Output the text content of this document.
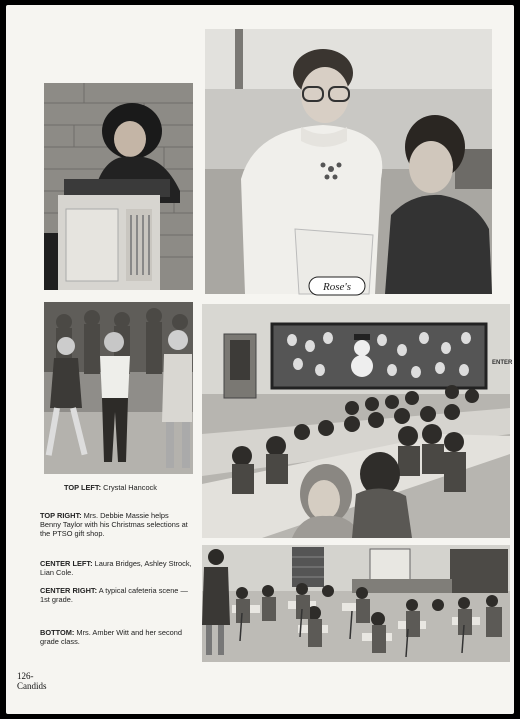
Rose's
ENTER
TOP LEFT: Crystal Hancock
TOP RIGHT: Mrs. Debbie Massie helps Benny Taylor with his Christmas selections at the PTSO gift shop.
CENTER LEFT: Laura Bridges, Ashley Strock, Lian Cole.
CENTER RIGHT: A typical cafeteria scene — 1st grade.
BOTTOM: Mrs. Amber Witt and her second grade class.
126-
Candids
